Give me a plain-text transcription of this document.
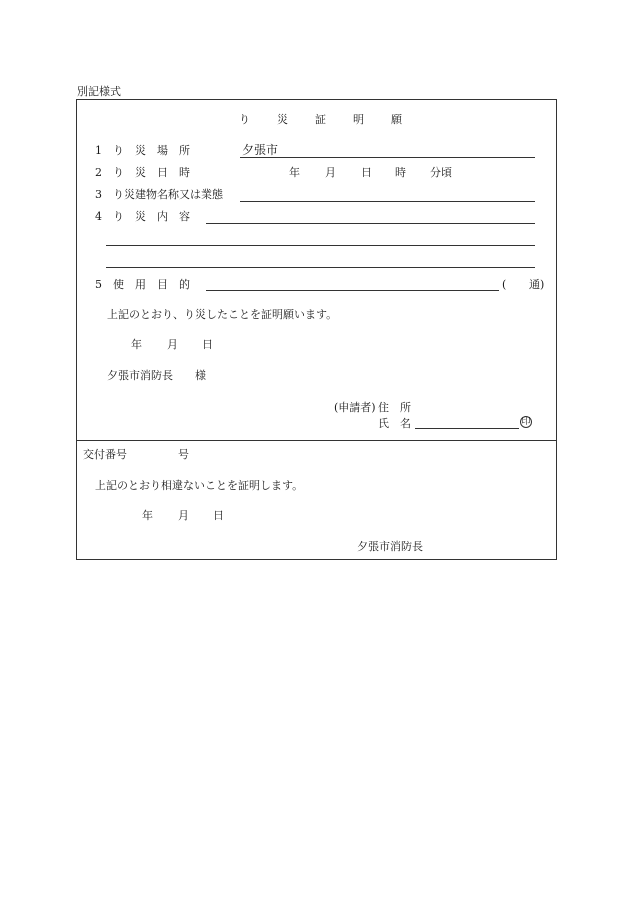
別記様式
り　災　証　明　願
1 り　災　場　所	夕張市
2 り　災　日　時	年 月 日 時 分頃
3 り災建物名称又は業態
4 り　災　内　容
5 使　用　目　的	( 通)
上記のとおり、り災したことを証明願います。
年 月 日
夕張市消防長　　様
(申請者) 住　所
氏　名	印
交付番号	号
上記のとおり相違ないことを証明します。
年 月 日
夕張市消防長
